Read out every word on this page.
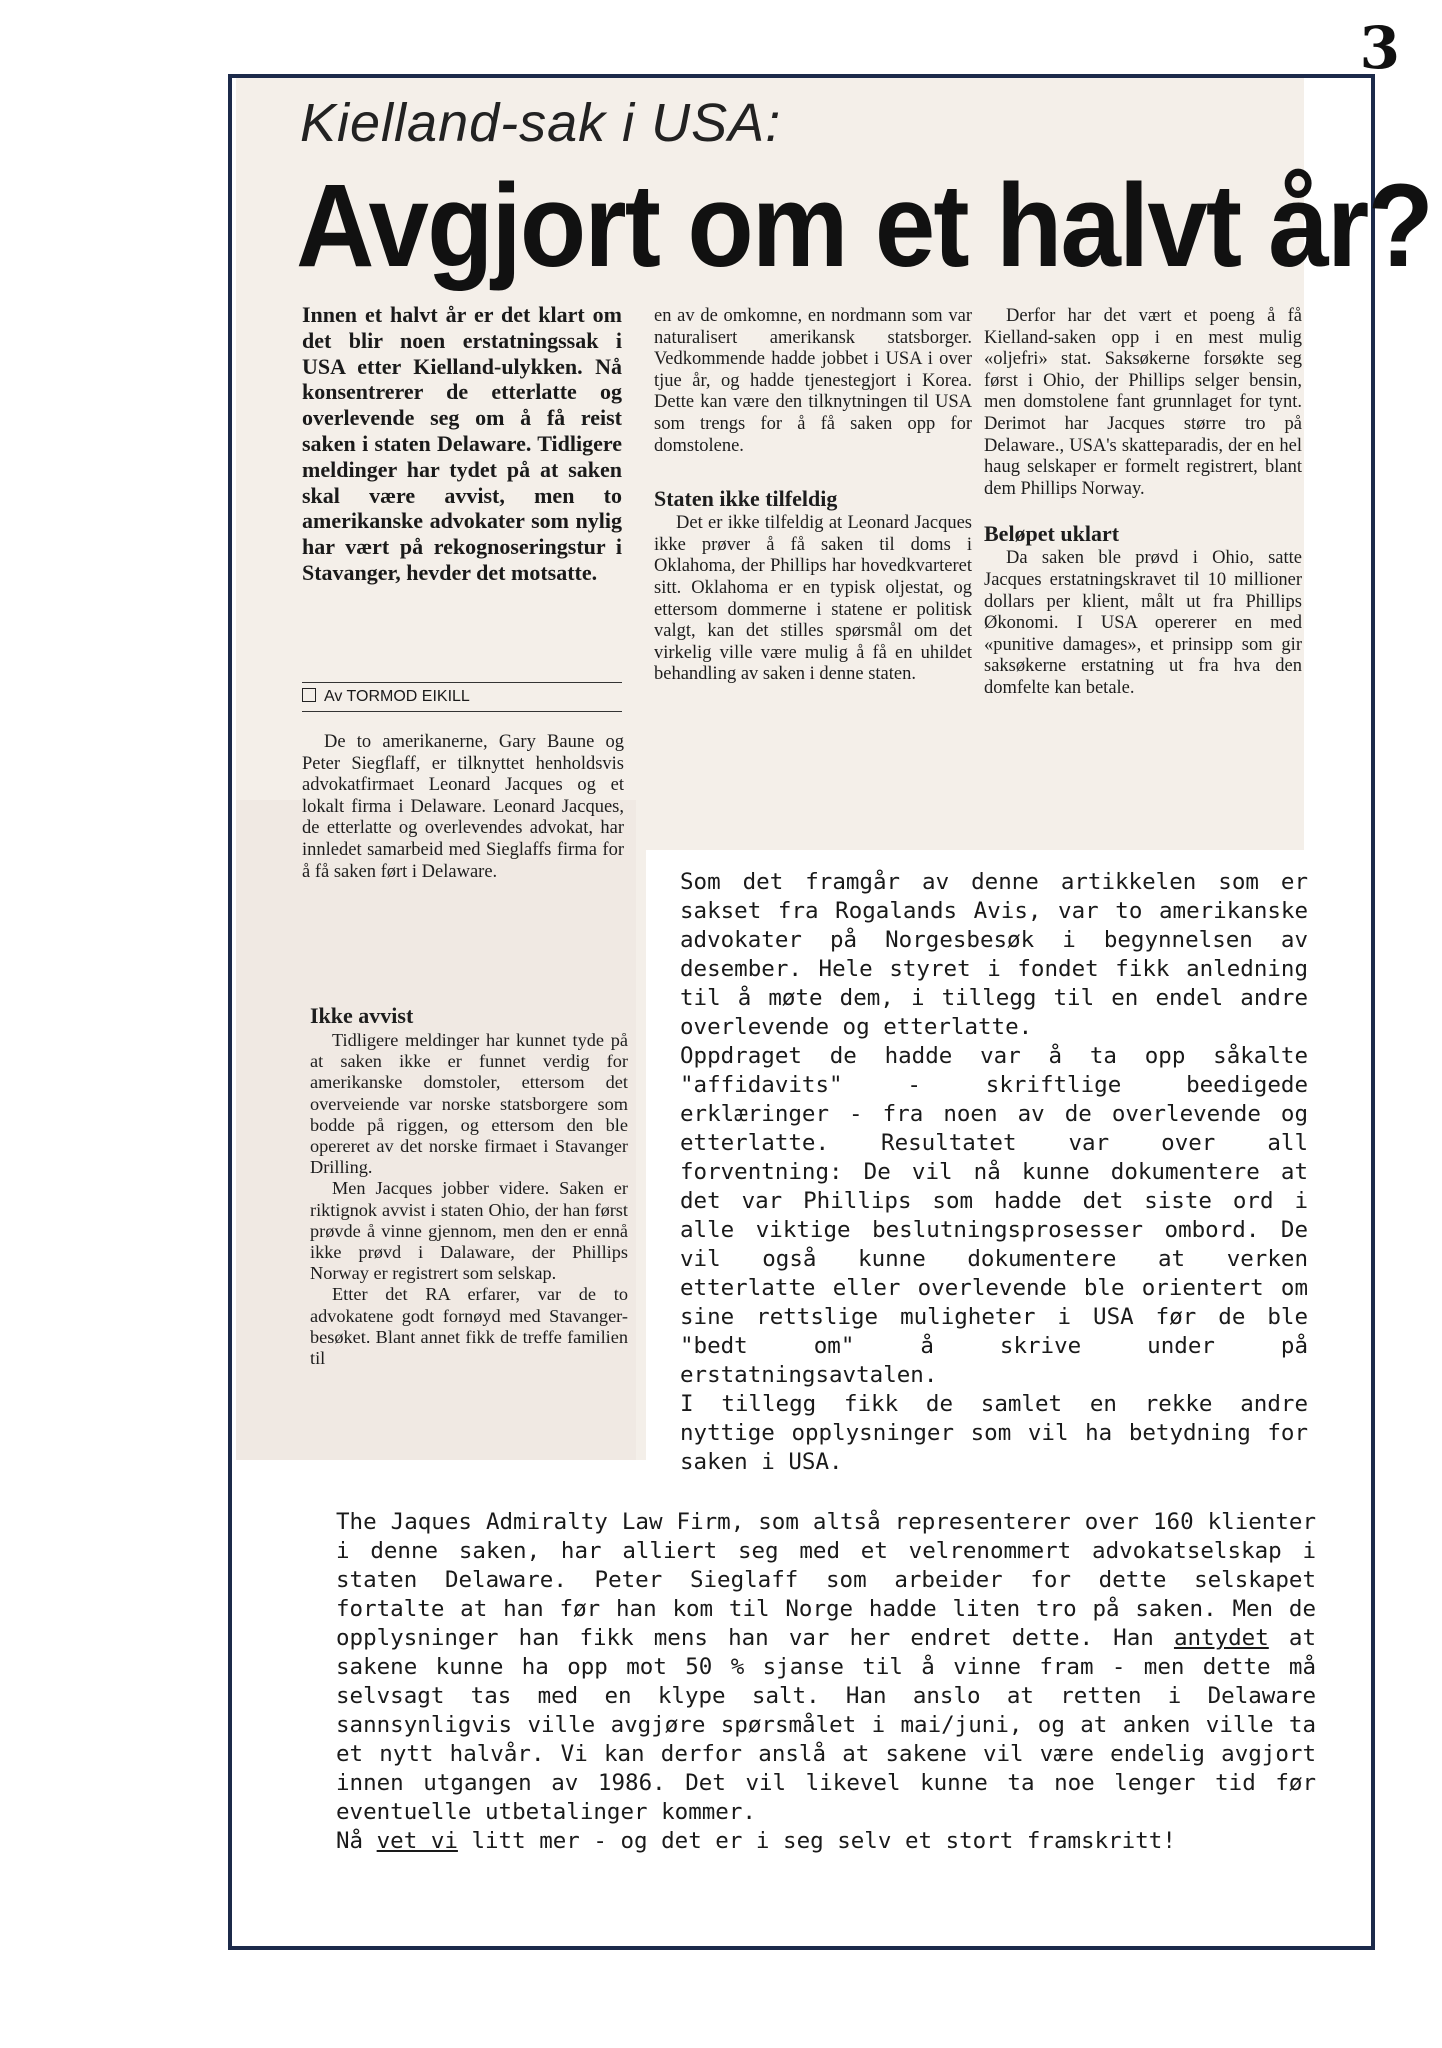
3
Kielland-sak i USA:
Avgjort om et halvt år?
Innen et halvt år er det klart om det blir noen erstatningssak i USA etter Kielland-ulykken. Nå konsentrerer de etterlatte og overlevende seg om å få reist saken i staten Delaware. Tidligere meldinger har tydet på at saken skal være avvist, men to amerikanske advokater som nylig har vært på rekognoseringstur i Stavanger, hevder det motsatte.
Av TORMOD EIKILL

De to amerikanerne, Gary Baune og Peter Siegflaff, er tilknyttet henholdsvis advokatfirmaet Leonard Jacques og et lokalt firma i Delaware. Leonard Jacques, de etterlatte og overlevendes advokat, har innledet samarbeid med Sieglaffs firma for å få saken ført i Delaware.

Ikke avvist

Tidligere meldinger har kunnet tyde på at saken ikke er funnet verdig for amerikanske domstoler, ettersom det overveiende var norske statsborgere som bodde på riggen, og ettersom den ble opereret av det norske firmaet i Stavanger Drilling.

Men Jacques jobber videre. Saken er riktignok avvist i staten Ohio, der han først prøvde å vinne gjennom, men den er ennå ikke prøvd i Dalaware, der Phillips Norway er registrert som selskap.

Etter det RA erfarer, var de to advokatene godt fornøyd med Stavanger-besøket. Blant annet fikk de treffe familien til

en av de omkomne, en nordmann som var naturalisert amerikansk statsborger. Vedkommende hadde jobbet i USA i over tjue år, og hadde tjenestegjort i Korea. Dette kan være den tilknytningen til USA som trengs for å få saken opp for domstolene.

Staten ikke tilfeldig

Det er ikke tilfeldig at Leonard Jacques ikke prøver å få saken til doms i Oklahoma, der Phillips har hovedkvarteret sitt. Oklahoma er en typisk oljestat, og ettersom dommerne i statene er politisk valgt, kan det stilles spørsmål om det virkelig ville være mulig å få en uhildet behandling av saken i denne staten.

Derfor har det vært et poeng å få Kielland-saken opp i en mest mulig «oljefri» stat. Saksøkerne forsøkte seg først i Ohio, der Phillips selger bensin, men domstolene fant grunnlaget for tynt. Derimot har Jacques større tro på Delaware., USA's skatteparadis, der en hel haug selskaper er formelt registrert, blant dem Phillips Norway.

Beløpet uklart

Da saken ble prøvd i Ohio, satte Jacques erstatningskravet til 10 millioner dollars per klient, målt ut fra Phillips Økonomi. I USA opererer en med «punitive damages», et prinsipp som gir saksøkerne erstatning ut fra hva den domfelte kan betale.

Som det framgår av denne artikkelen som er sakset fra Rogalands Avis, var to amerikanske advokater på Norgesbesøk i begynnelsen av desember. Hele styret i fondet fikk anledning til å møte dem, i tillegg til en endel andre overlevende og etterlatte.

Oppdraget de hadde var å ta opp såkalte "affidavits" - skriftlige beedigede erklæringer - fra noen av de overlevende og etterlatte. Resultatet var over all forventning: De vil nå kunne dokumentere at det var Phillips som hadde det siste ord i alle viktige beslutningsprosesser ombord. De vil også kunne dokumentere at verken etterlatte eller overlevende ble orientert om sine rettslige muligheter i USA før de ble "bedt om" å skrive under på erstatningsavtalen.

I tillegg fikk de samlet en rekke andre nyttige opplysninger som vil ha betydning for saken i USA.

The Jaques Admiralty Law Firm, som altså representerer over 160 klienter i denne saken, har alliert seg med et velrenommert advokatselskap i staten Delaware. Peter Sieglaff som arbeider for dette selskapet fortalte at han før han kom til Norge hadde liten tro på saken. Men de opplysninger han fikk mens han var her endret dette. Han antydet at sakene kunne ha opp mot 50 % sjanse til å vinne fram - men dette må selvsagt tas med en klype salt. Han anslo at retten i Delaware sannsynligvis ville avgjøre spørsmålet i mai/juni, og at anken ville ta et nytt halvår. Vi kan derfor anslå at sakene vil være endelig avgjort innen utgangen av 1986. Det vil likevel kunne ta noe lenger tid før eventuelle utbetalinger kommer.

Nå vet vi litt mer - og det er i seg selv et stort framskritt!
